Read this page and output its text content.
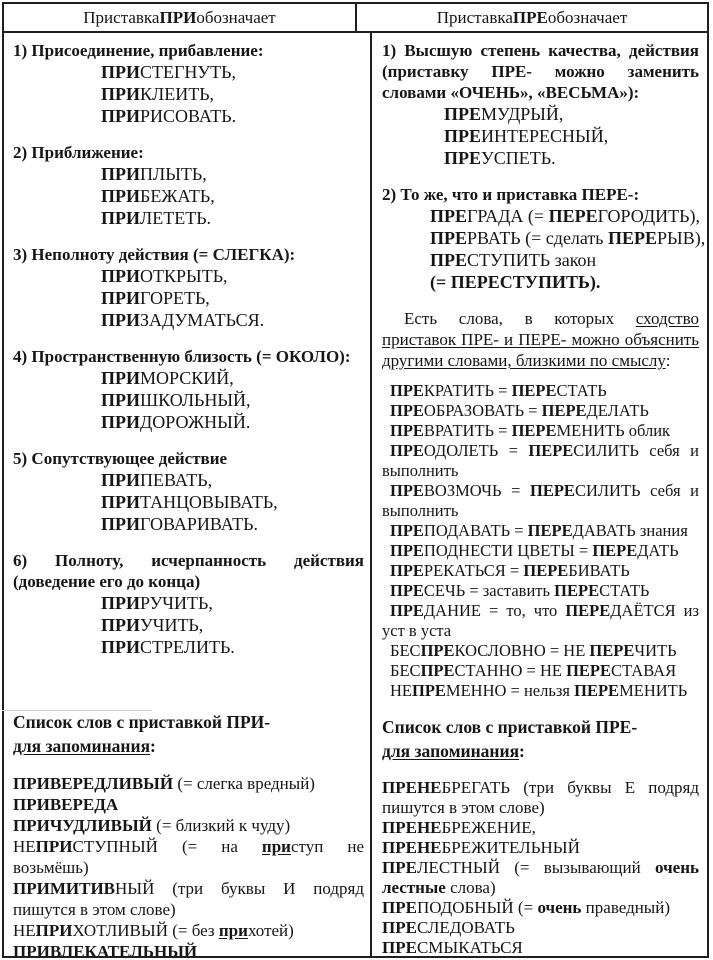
Приставка ПРИ обозначает	Приставка ПРЕ обозначает
1) Присоединение, прибавление:
ПРИСТЕГНУТЬ,
ПРИКЛЕИТЬ,
ПРИРИСОВАТЬ.
2) Приближение:
ПРИПЛЫТЬ,
ПРИБЕЖАТЬ,
ПРИЛЕТЕТЬ.
3) Неполноту действия (= СЛЕГКА):
ПРИОТКРЫТЬ,
ПРИГОРЕТЬ,
ПРИЗАДУМАТЬСЯ.
4) Пространственную близость (= ОКОЛО):
ПРИМОРСКИЙ,
ПРИШКОЛЬНЫЙ,
ПРИДОРОЖНЫЙ.
5) Сопутствующее действие
ПРИПЕВАТЬ,
ПРИТАНЦОВЫВАТЬ,
ПРИГОВАРИВАТЬ.
6) Полноту, исчерпанность действия (доведение его до конца)
ПРИРУЧИТЬ,
ПРИУЧИТЬ,
ПРИСТРЕЛИТЬ.
Список слов с приставкой ПРИ-
для запоминания:
ПРИВЕРЕДЛИВЫЙ (= слегка вредный)
ПРИВЕРЕДА
ПРИЧУДЛИВЫЙ (= близкий к чуду)
НЕПРИСТУПНЫЙ (= на приступ не возьмёшь)
ПРИМИТИВНЫЙ (три буквы И подряд пишутся в этом слове)
НЕПРИХОТЛИВЫЙ (= без прихотей)
ПРИВЛЕКАТЕЛЬНЫЙ
1) Высшую степень качества, действия (приставку ПРЕ- можно заменить словами «ОЧЕНЬ», «ВЕСЬМА»):
ПРЕМУДРЫЙ,
ПРЕИНТЕРЕСНЫЙ,
ПРЕУСПЕТЬ.
2) То же, что и приставка ПЕРЕ-:
ПРЕГРАДА (= ПЕРЕГОРОДИТЬ),
ПРЕРВАТЬ (= сделать ПЕРЕРЫВ),
ПРЕСТУПИТЬ закон
(= ПЕРЕСТУПИТЬ).
Есть слова, в которых сходство приставок ПРЕ- и ПЕРЕ- можно объяснить другими словами, близкими по смыслу:
ПРЕКРАТИТЬ = ПЕРЕСТАТЬ
ПРЕОБРАЗОВАТЬ = ПЕРЕДЕЛАТЬ
ПРЕВРАТИТЬ = ПЕРЕМЕНИТЬ облик
ПРЕОДОЛЕТЬ = ПЕРЕСИЛИТЬ себя и выполнить
ПРЕВОЗМОЧЬ = ПЕРЕСИЛИТЬ себя и выполнить
ПРЕПОДАВАТЬ = ПЕРЕДАВАТЬ знания
ПРЕПОДНЕСТИ ЦВЕТЫ = ПЕРЕДАТЬ
ПРЕРЕКАТЬСЯ = ПЕРЕБИВАТЬ
ПРЕСЕЧЬ = заставить ПЕРЕСТАТЬ
ПРЕДАНИЕ = то, что ПЕРЕДАЁТСЯ из уст в уста
БЕСПРЕКОСЛОВНО = НЕ ПЕРЕЧИТЬ
БЕСПРЕСТАННО = НЕ ПЕРЕСТАВАЯ
НЕПРЕМЕННО = нельзя ПЕРЕМЕНИТЬ
Список слов с приставкой ПРЕ-
для запоминания:
ПРЕНЕБРЕГАТЬ (три буквы Е подряд пишутся в этом слове)
ПРЕНЕБРЕЖЕНИЕ,
ПРЕНЕБРЕЖИТЕЛЬНЫЙ
ПРЕЛЕСТНЫЙ (= вызывающий очень лестные слова)
ПРЕПОДОБНЫЙ (= очень праведный)
ПРЕСЛЕДОВАТЬ
ПРЕСМЫКАТЬСЯ
